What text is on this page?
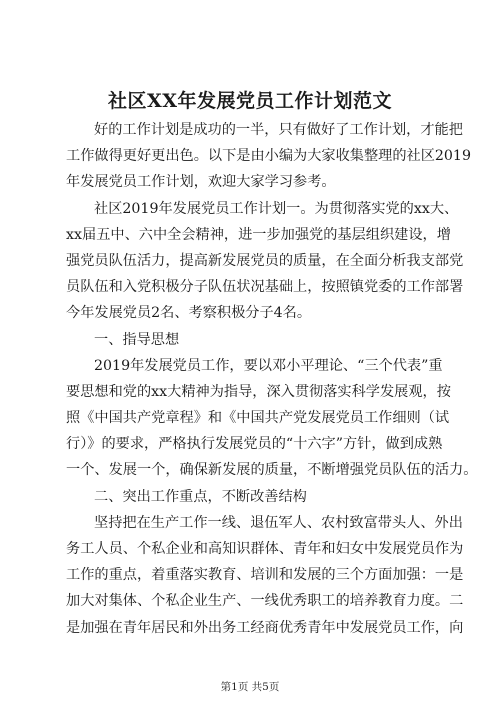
社区XX年发展党员工作计划范文
好的工作计划是成功的一半，只有做好了工作计划，才能把
工作做得更好更出色。以下是由小编为大家收集整理的社区2019
年发展党员工作计划，欢迎大家学习参考。
社区2019年发展党员工作计划一。为贯彻落实党的xx大、
xx届五中、六中全会精神，进一步加强党的基层组织建设，增
强党员队伍活力，提高新发展党员的质量，在全面分析我支部党
员队伍和入党积极分子队伍状况基础上，按照镇党委的工作部署
今年发展党员2名、考察积极分子4名。
一、指导思想
2019年发展党员工作，要以邓小平理论、“三个代表”重
要思想和党的xx大精神为指导，深入贯彻落实科学发展观，按
照《中国共产党章程》和《中国共产党发展党员工作细则（试
行）》的要求，严格执行发展党员的“十六字”方针，做到成熟
一个、发展一个，确保新发展的质量，不断增强党员队伍的活力。
二、突出工作重点，不断改善结构
坚持把在生产工作一线、退伍军人、农村致富带头人、外出
务工人员、个私企业和高知识群体、青年和妇女中发展党员作为
工作的重点，着重落实教育、培训和发展的三个方面加强：一是
加大对集体、个私企业生产、一线优秀职工的培养教育力度。二
是加强在青年居民和外出务工经商优秀青年中发展党员工作，向
第1页 共5页
